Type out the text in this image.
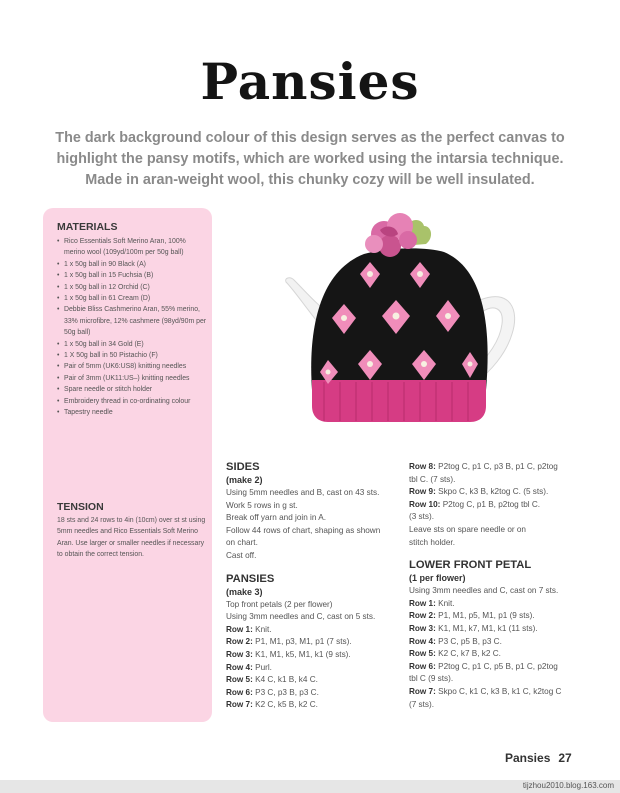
Pansies
The dark background colour of this design serves as the perfect canvas to
highlight the pansy motifs, which are worked using the intarsia technique.
Made in aran-weight wool, this chunky cozy will be well insulated.
MATERIALS
• Rico Essentials Soft Merino Aran, 100% merino wool (109yd/100m per 50g ball)
• 1 x 50g ball in 90 Black (A)
• 1 x 50g ball in 15 Fuchsia (B)
• 1 x 50g ball in 12 Orchid (C)
• 1 x 50g ball in 61 Cream (D)
• Debbie Bliss Cashmerino Aran, 55% merino, 33% microfibre, 12% cashmere (98yd/90m per 50g ball)
• 1 x 50g ball in 34 Gold (E)
• 1 X 50g ball in 50 Pistachio (F)
• Pair of 5mm (UK6:US8) knitting needles
• Pair of 3mm (UK11:US–) knitting needles
• Spare needle or stitch holder
• Embroidery thread in co-ordinating colour
• Tapestry needle
TENSION
18 sts and 24 rows to 4in (10cm) over st st using 5mm needles and Rico Essentials Soft Merino Aran. Use larger or smaller needles if necessary to obtain the correct tension.
SIDES
(make 2)
Using 5mm needles and B, cast on 43 sts.
Work 5 rows in g st.
Break off yarn and join in A.
Follow 44 rows of chart, shaping as shown
on chart.
Cast off.
PANSIES
(make 3)
Top front petals (2 per flower)
Using 3mm needles and C, cast on 5 sts.
Row 1: Knit.
Row 2: P1, M1, p3, M1, p1 (7 sts).
Row 3: K1, M1, k5, M1, k1 (9 sts).
Row 4: Purl.
Row 5: K4 C, k1 B, k4 C.
Row 6: P3 C, p3 B, p3 C.
Row 7: K2 C, k5 B, k2 C.
Row 8: P2tog C, p1 C, p3 B, p1 C, p2tog
tbl C. (7 sts).
Row 9: Skpo C, k3 B, k2tog C. (5 sts).
Row 10: P2tog C, p1 B, p2tog tbl C.
(3 sts).
Leave sts on spare needle or on
stitch holder.
LOWER FRONT PETAL
(1 per flower)
Using 3mm needles and C, cast on 7 sts.
Row 1: Knit.
Row 2: P1, M1, p5, M1, p1 (9 sts).
Row 3: K1, M1, k7, M1, k1 (11 sts).
Row 4: P3 C, p5 B, p3 C.
Row 5: K2 C, k7 B, k2 C.
Row 6: P2tog C, p1 C, p5 B, p1 C, p2tog
tbl C (9 sts).
Row 7: Skpo C, k1 C, k3 B, k1 C, k2tog C
(7 sts).
Pansies 27
tijzhou2010.blog.163.com
